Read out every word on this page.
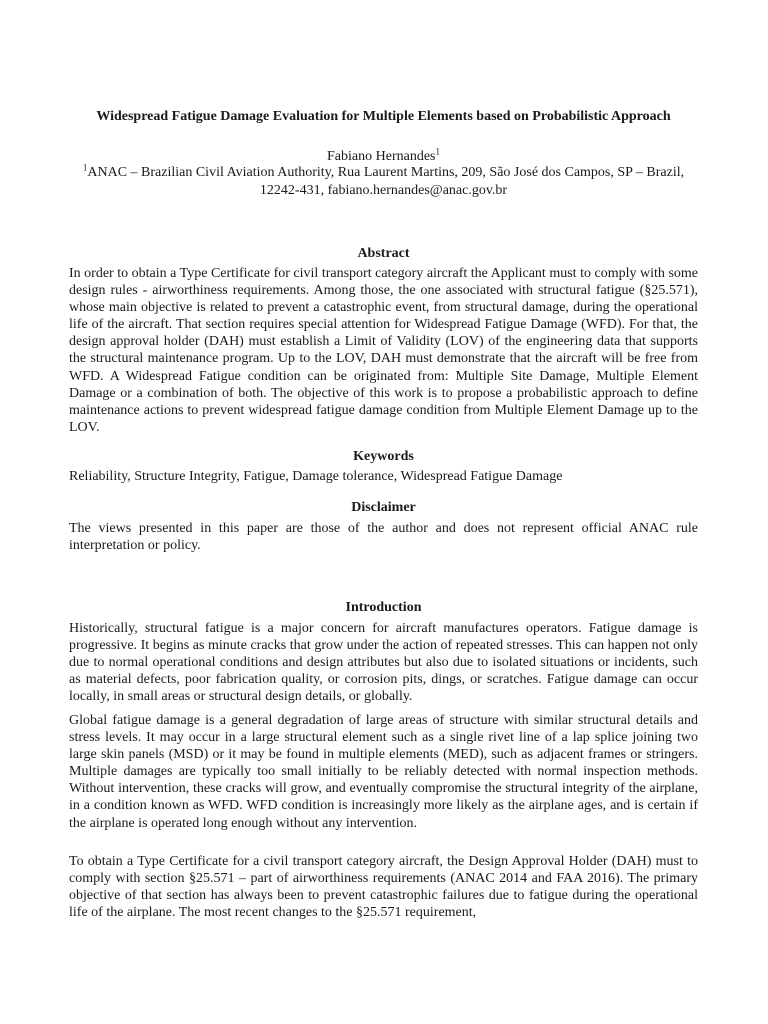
Widespread Fatigue Damage Evaluation for Multiple Elements based on Probabilistic Approach

Fabiano Hernandes$^1$

$^1$ANAC – Brazilian Civil Aviation Authority, Rua Laurent Martins, 209, São José dos Campos, SP – Brazil, 12242-431, fabiano.hernandes@anac.gov.br

Abstract

In order to obtain a Type Certificate for civil transport category aircraft the Applicant must to comply with some design rules - airworthiness requirements. Among those, the one associated with structural fatigue (§25.571), whose main objective is related to prevent a catastrophic event, from structural damage, during the operational life of the aircraft. That section requires special attention for Widespread Fatigue Damage (WFD). For that, the design approval holder (DAH) must establish a Limit of Validity (LOV) of the engineering data that supports the structural maintenance program. Up to the LOV, DAH must demonstrate that the aircraft will be free from WFD. A Widespread Fatigue condition can be originated from: Multiple Site Damage, Multiple Element Damage or a combination of both. The objective of this work is to propose a probabilistic approach to define maintenance actions to prevent widespread fatigue damage condition from Multiple Element Damage up to the LOV.

Keywords

Reliability, Structure Integrity, Fatigue, Damage tolerance, Widespread Fatigue Damage

Disclaimer

The views presented in this paper are those of the author and does not represent official ANAC rule interpretation or policy.

Introduction

Historically, structural fatigue is a major concern for aircraft manufactures operators. Fatigue damage is progressive. It begins as minute cracks that grow under the action of repeated stresses. This can happen not only due to normal operational conditions and design attributes but also due to isolated situations or incidents, such as material defects, poor fabrication quality, or corrosion pits, dings, or scratches. Fatigue damage can occur locally, in small areas or structural design details, or globally.

Global fatigue damage is a general degradation of large areas of structure with similar structural details and stress levels. It may occur in a large structural element such as a single rivet line of a lap splice joining two large skin panels (MSD) or it may be found in multiple elements (MED), such as adjacent frames or stringers. Multiple damages are typically too small initially to be reliably detected with normal inspection methods. Without intervention, these cracks will grow, and eventually compromise the structural integrity of the airplane, in a condition known as WFD. WFD condition is increasingly more likely as the airplane ages, and is certain if the airplane is operated long enough without any intervention.

To obtain a Type Certificate for a civil transport category aircraft, the Design Approval Holder (DAH) must to comply with section §25.571 – part of airworthiness requirements (ANAC 2014 and FAA 2016). The primary objective of that section has always been to prevent catastrophic failures due to fatigue during the operational life of the airplane. The most recent changes to the §25.571 requirement,
